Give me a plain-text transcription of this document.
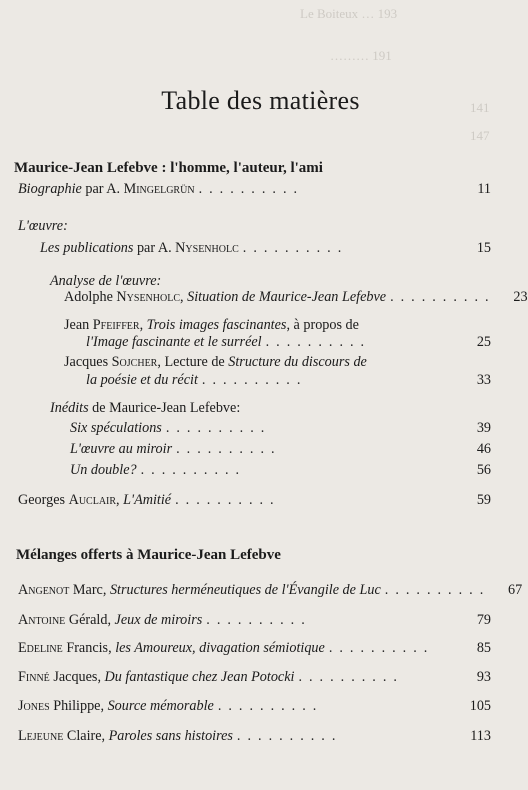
Le Boiteux … 193
……… 191
141
147
Table des matières
Maurice-Jean Lefebve : l'homme, l'auteur, l'ami
Biographie par A. Mingelgrün ..........	11
L'œuvre:
Les publications par A. Nysenholc ..........	15
Analyse de l'œuvre:
Adolphe Nysenholc, Situation de Maurice-Jean Lefebve ..........	23
Jean Pfeiffer, Trois images fascinantes, à propos de
l'Image fascinante et le surréel ..........	25
Jacques Sojcher, Lecture de Structure du discours de
la poésie et du récit ..........	33
Inédits de Maurice-Jean Lefebve:
Six spéculations ..........	39
L'œuvre au miroir ..........	46
Un double? ..........	56
Georges Auclair, L'Amitié ..........	59
Mélanges offerts à Maurice-Jean Lefebve
Angenot Marc, Structures herméneutiques de l'Évangile de Luc ..........	67
Antoine Gérald, Jeux de miroirs ..........	79
Edeline Francis, les Amoureux, divagation sémiotique ..........	85
Finné Jacques, Du fantastique chez Jean Potocki ..........	93
Jones Philippe, Source mémorable ..........	105
Lejeune Claire, Paroles sans histoires ..........	113
